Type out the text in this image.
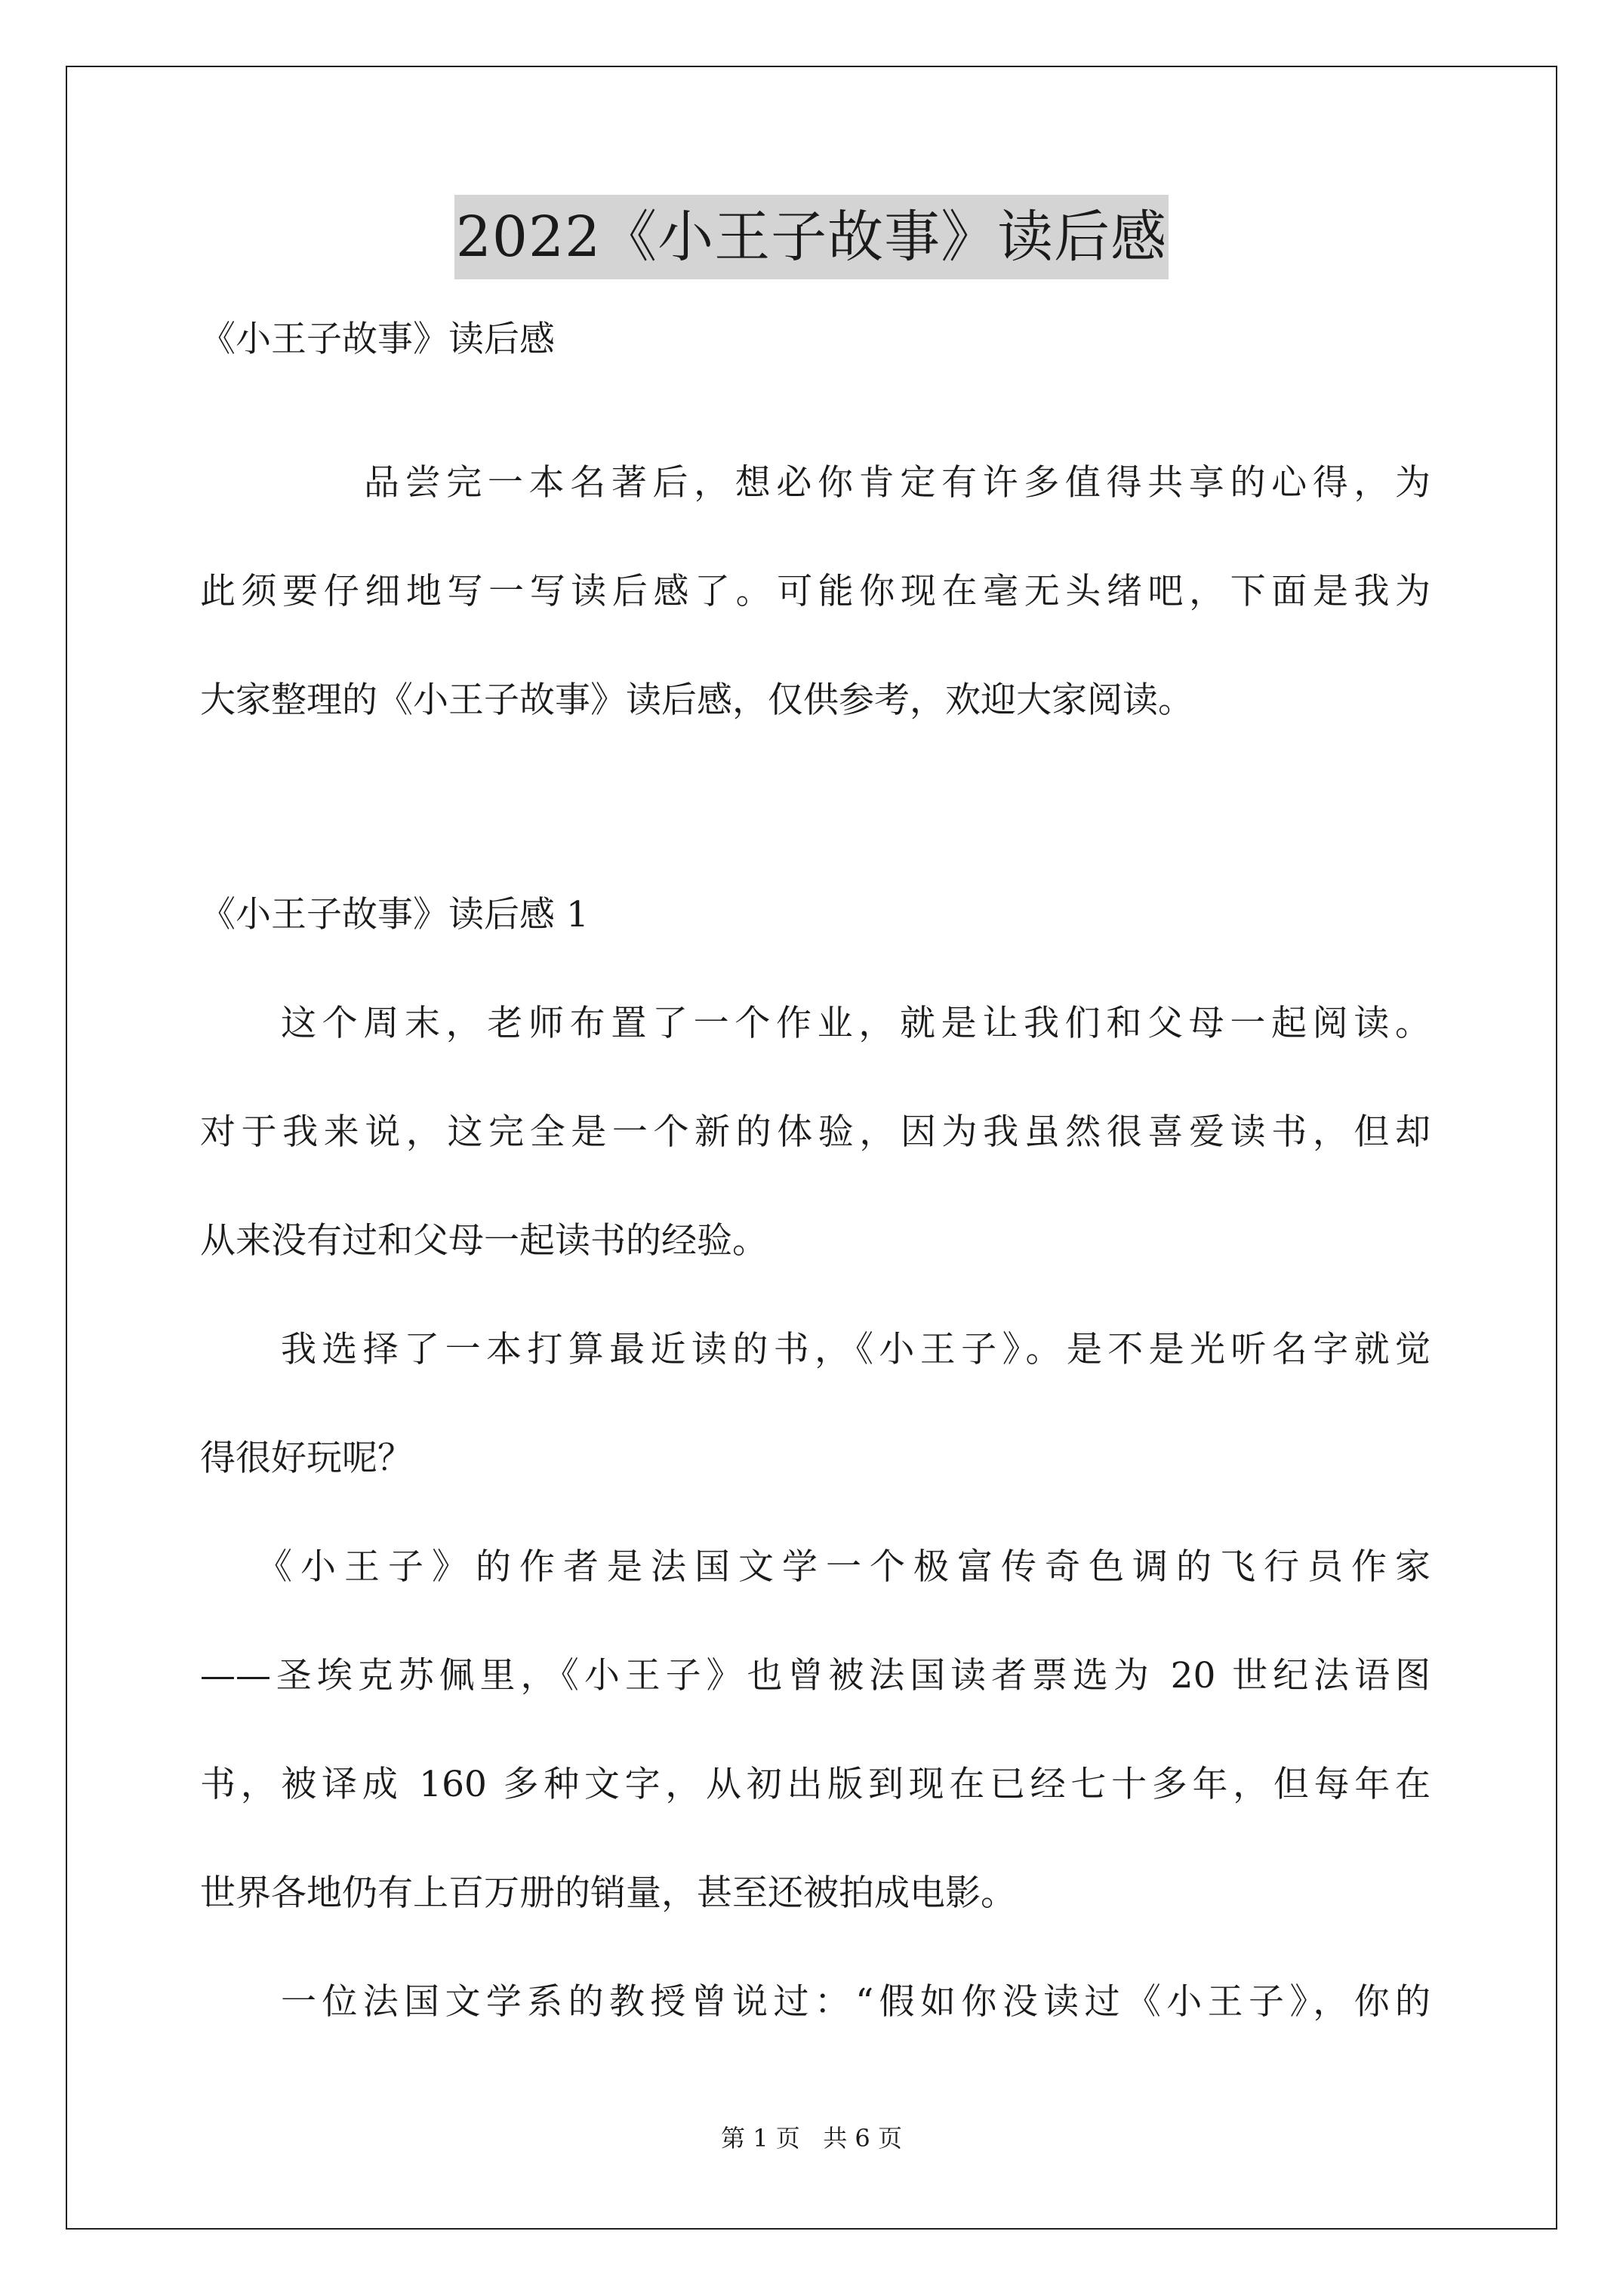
2022《小王子故事》读后感
《小王子故事》读后感
品尝完一本名著后，想必你肯定有许多值得共享的心得，为
此须要仔细地写一写读后感了。可能你现在毫无头绪吧，下面是我为
大家整理的《小王子故事》读后感，仅供参考，欢迎大家阅读。
《小王子故事》读后感 1
这个周末，老师布置了一个作业，就是让我们和父母一起阅读。
对于我来说，这完全是一个新的体验，因为我虽然很喜爱读书，但却
从来没有过和父母一起读书的经验。
我选择了一本打算最近读的书，《小王子》。是不是光听名字就觉
得很好玩呢？
《小王子》的作者是法国文学一个极富传奇色调的飞行员作家
——圣埃克苏佩里，《小王子》也曾被法国读者票选为 20 世纪法语图
书，被译成 160 多种文字，从初出版到现在已经七十多年，但每年在
世界各地仍有上百万册的销量，甚至还被拍成电影。
一位法国文学系的教授曾说过：“假如你没读过《小王子》，你的
第 1 页   共 6 页
